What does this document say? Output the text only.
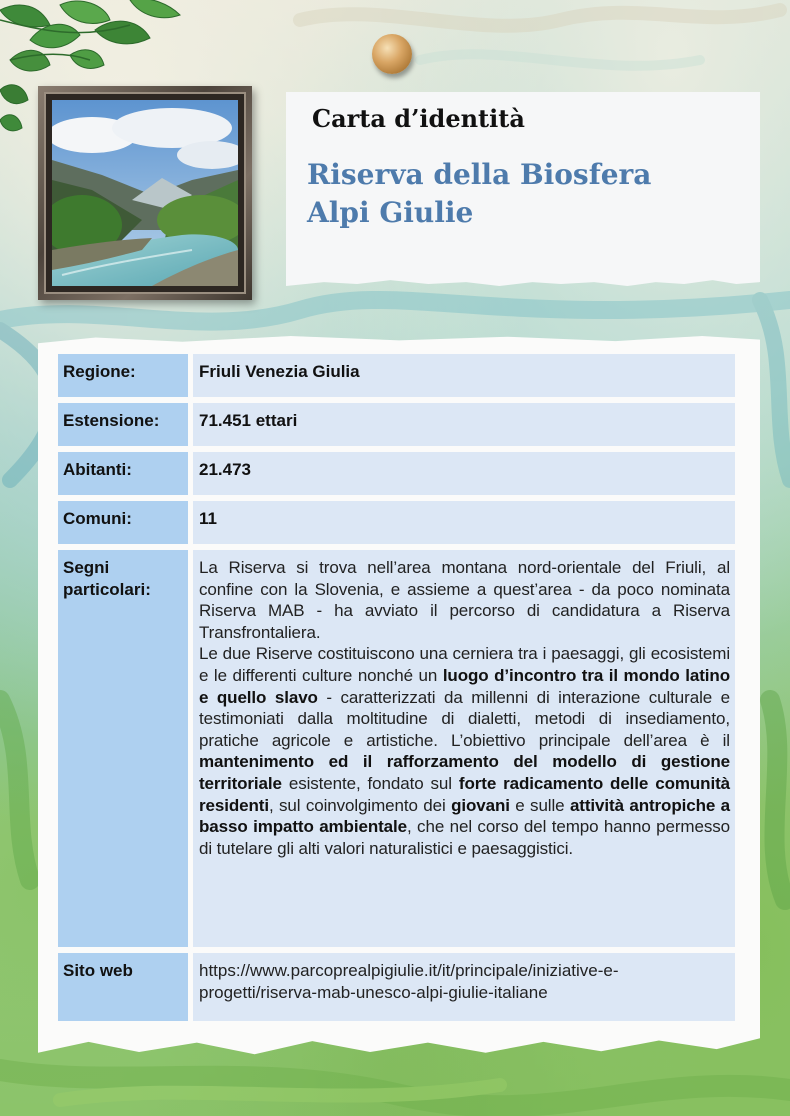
Carta d’identità
Riserva della Biosfera
Alpi Giulie
Regione:		Friuli Venezia Giulia
Estensione:		71.451 ettari
Abitanti:		21.473
Comuni:		11
Segni particolari:		La Riserva si trova nell’area montana nord-orientale del Friuli, al confine con la Slovenia, e assieme a quest’area - da poco nominata Riserva MAB - ha avviato il percorso di candidatura a Riserva Transfrontaliera.
Le due Riserve costituiscono una cerniera tra i paesaggi, gli ecosistemi e le differenti culture nonché un luogo d’incontro tra il mondo latino e quello slavo - caratterizzati da millenni di interazione culturale e testimoniati dalla moltitudine di dialetti, metodi di insediamento, pratiche agricole e artistiche. L’obiettivo principale dell’area è il mantenimento ed il rafforzamento del modello di gestione territoriale esistente, fondato sul forte radicamento delle comunità residenti, sul coinvolgimento dei giovani e sulle attività antropiche a basso impatto ambientale, che nel corso del tempo hanno permesso di tutelare gli alti valori naturalistici e paesaggistici.

Sito web		https://www.parcoprealpigiulie.it/it/principale/iniziative-e-progetti/riserva-mab-unesco-alpi-giulie-italiane
